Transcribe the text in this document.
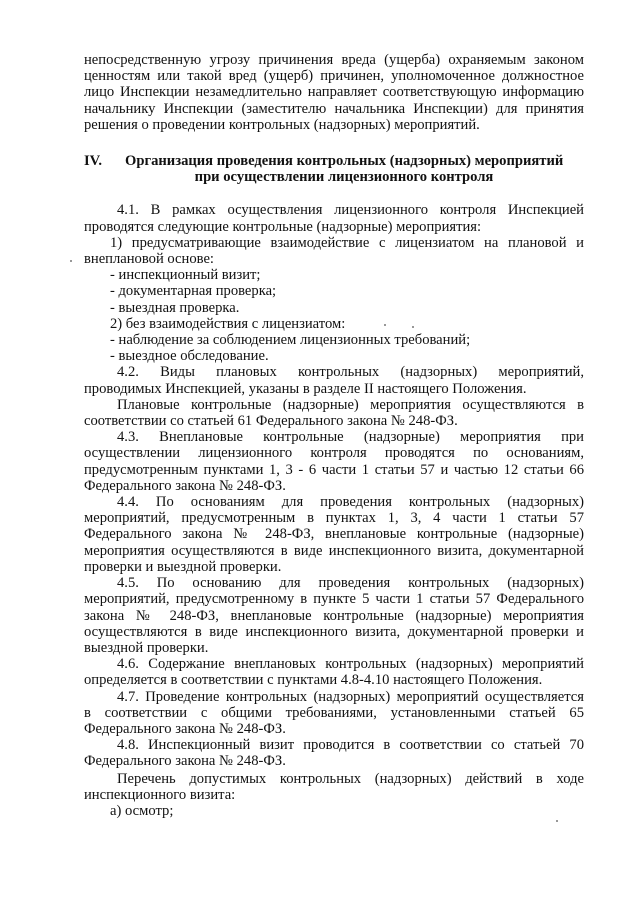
непосредственную угрозу причинения вреда (ущерба) охраняемым законом
ценностям или такой вред (ущерб) причинен, уполномоченное должностное
лицо Инспекции незамедлительно направляет соответствующую информацию
начальнику Инспекции (заместителю начальника Инспекции) для принятия
решения о проведении контрольных (надзорных) мероприятий.
IV.	Организация проведения контрольных (надзорных) мероприятий
при осуществлении лицензионного контроля
4.1. В рамках осуществления лицензионного контроля Инспекцией
проводятся следующие контрольные (надзорные) мероприятия:
1) предусматривающие взаимодействие с лицензиатом на плановой и
внеплановой основе:
- инспекционный визит;
- документарная проверка;
- выездная проверка.
2) без взаимодействия с лицензиатом:
- наблюдение за соблюдением лицензионных требований;
- выездное обследование.
4.2. Виды плановых контрольных (надзорных) мероприятий,
проводимых Инспекцией, указаны в разделе II настоящего Положения.
Плановые контрольные (надзорные) мероприятия осуществляются в
соответствии со статьей 61 Федерального закона № 248-ФЗ.
4.3. Внеплановые контрольные (надзорные) мероприятия при
осуществлении лицензионного контроля проводятся по основаниям,
предусмотренным пунктами 1, 3 - 6 части 1 статьи 57 и частью 12 статьи 66
Федерального закона № 248-ФЗ.
4.4. По основаниям для проведения контрольных (надзорных)
мероприятий, предусмотренным в пунктах 1, 3, 4 части 1 статьи 57
Федерального закона № 248-ФЗ, внеплановые контрольные (надзорные)
мероприятия осуществляются в виде инспекционного визита, документарной
проверки и выездной проверки.
4.5. По основанию для проведения контрольных (надзорных)
мероприятий, предусмотренному в пункте 5 части 1 статьи 57 Федерального
закона № 248-ФЗ, внеплановые контрольные (надзорные) мероприятия
осуществляются в виде инспекционного визита, документарной проверки и
выездной проверки.
4.6. Содержание внеплановых контрольных (надзорных) мероприятий
определяется в соответствии с пунктами 4.8-4.10 настоящего Положения.
4.7. Проведение контрольных (надзорных) мероприятий осуществляется
в соответствии с общими требованиями, установленными статьей 65
Федерального закона № 248-ФЗ.
4.8. Инспекционный визит проводится в соответствии со статьей 70
Федерального закона № 248-ФЗ.
Перечень допустимых контрольных (надзорных) действий в ходе
инспекционного визита:
а) осмотр;
